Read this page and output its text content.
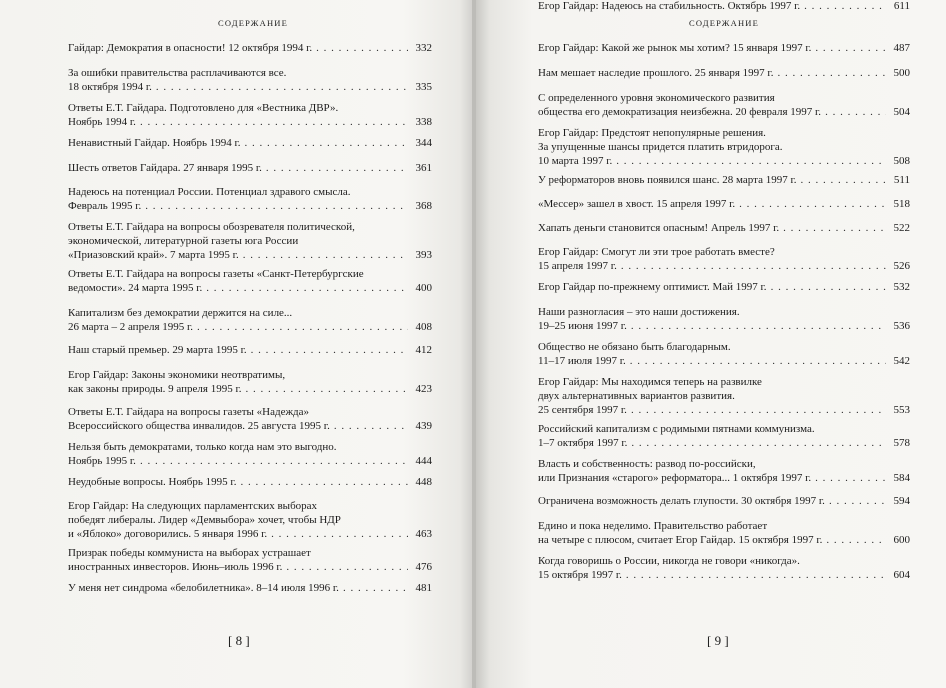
СОДЕРЖАНИЕ
Гайдар: Демократия в опасности! 12 октября 1994 г. . . .	332
За ошибки правительства расплачиваются все.
18 октября 1994 г. . . .	335
Ответы Е.Т. Гайдара. Подготовлено для «Вестника ДВР».
Ноябрь 1994 г. . . .	338
Ненавистный Гайдар. Ноябрь 1994 г. . . .	344
Шесть ответов Гайдара. 27 января 1995 г. . . .	361
Надеюсь на потенциал России. Потенциал здравого смысла.
Февраль 1995 г. . . .	368
Ответы Е.Т. Гайдара на вопросы обозревателя политической,
экономической, литературной газеты юга России
«Приазовский край». 7 марта 1995 г. . . .	393
Ответы Е.Т. Гайдара на вопросы газеты «Санкт-Петербургские
ведомости». 24 марта 1995 г. . . .	400
Капитализм без демократии держится на силе...
26 марта – 2 апреля 1995 г. . . .	408
Наш старый премьер. 29 марта 1995 г. . . .	412
Егор Гайдар: Законы экономики неотвратимы,
как законы природы. 9 апреля 1995 г. . . .	423
Ответы Е.Т. Гайдара на вопросы газеты «Надежда»
Всероссийского общества инвалидов. 25 августа 1995 г. . . .	439
Нельзя быть демократами, только когда нам это выгодно.
Ноябрь 1995 г. . . .	444
Неудобные вопросы. Ноябрь 1995 г. . . .	448
Егор Гайдар: На следующих парламентских выборах
победят либералы. Лидер «Демвыбора» хочет, чтобы НДР
и «Яблоко» договорились. 5 января 1996 г. . . .	463
Призрак победы коммуниста на выборах устрашает
иностранных инвесторов. Июнь–июль 1996 г. . . .	476
У меня нет синдрома «белобилетника». 8–14 июля 1996 г. . . .	481
[ 8 ]
СОДЕРЖАНИЕ
Егор Гайдар: Какой же рынок мы хотим? 15 января 1997 г. . . .	487
Нам мешает наследие прошлого. 25 января 1997 г. . . .	500
С определенного уровня экономического развития
общества его демократизация неизбежна. 20 февраля 1997 г. . . .	504
Егор Гайдар: Предстоят непопулярные решения.
За упущенные шансы придется платить втридорога.
10 марта 1997 г. . . .	508
У реформаторов вновь появился шанс. 28 марта 1997 г. . . .	511
«Мессер» зашел в хвост. 15 апреля 1997 г. . . .	518
Хапать деньги становится опасным! Апрель 1997 г. . . .	522
Егор Гайдар: Смогут ли эти трое работать вместе?
15 апреля 1997 г. . . .	526
Егор Гайдар по-прежнему оптимист. Май 1997 г. . . .	532
Наши разногласия – это наши достижения.
19–25 июня 1997 г. . . .	536
Общество не обязано быть благодарным.
11–17 июля 1997 г. . . .	542
Егор Гайдар: Мы находимся теперь на развилке
двух альтернативных вариантов развития.
25 сентября 1997 г. . . .	553
Российский капитализм с родимыми пятнами коммунизма.
1–7 октября 1997 г. . . .	578
Власть и собственность: развод по-российски,
или Признания «старого» реформатора... 1 октября 1997 г. . . .	584
Ограничена возможность делать глупости. 30 октября 1997 г. . . .	594
Едино и пока неделимо. Правительство работает
на четыре с плюсом, считает Егор Гайдар. 15 октября 1997 г. . . .	600
Когда говоришь о России, никогда не говори «никогда».
15 октября 1997 г. . . .	604
Егор Гайдар: Надеюсь на стабильность. Октябрь 1997 г. . . .	611
[ 9 ]
